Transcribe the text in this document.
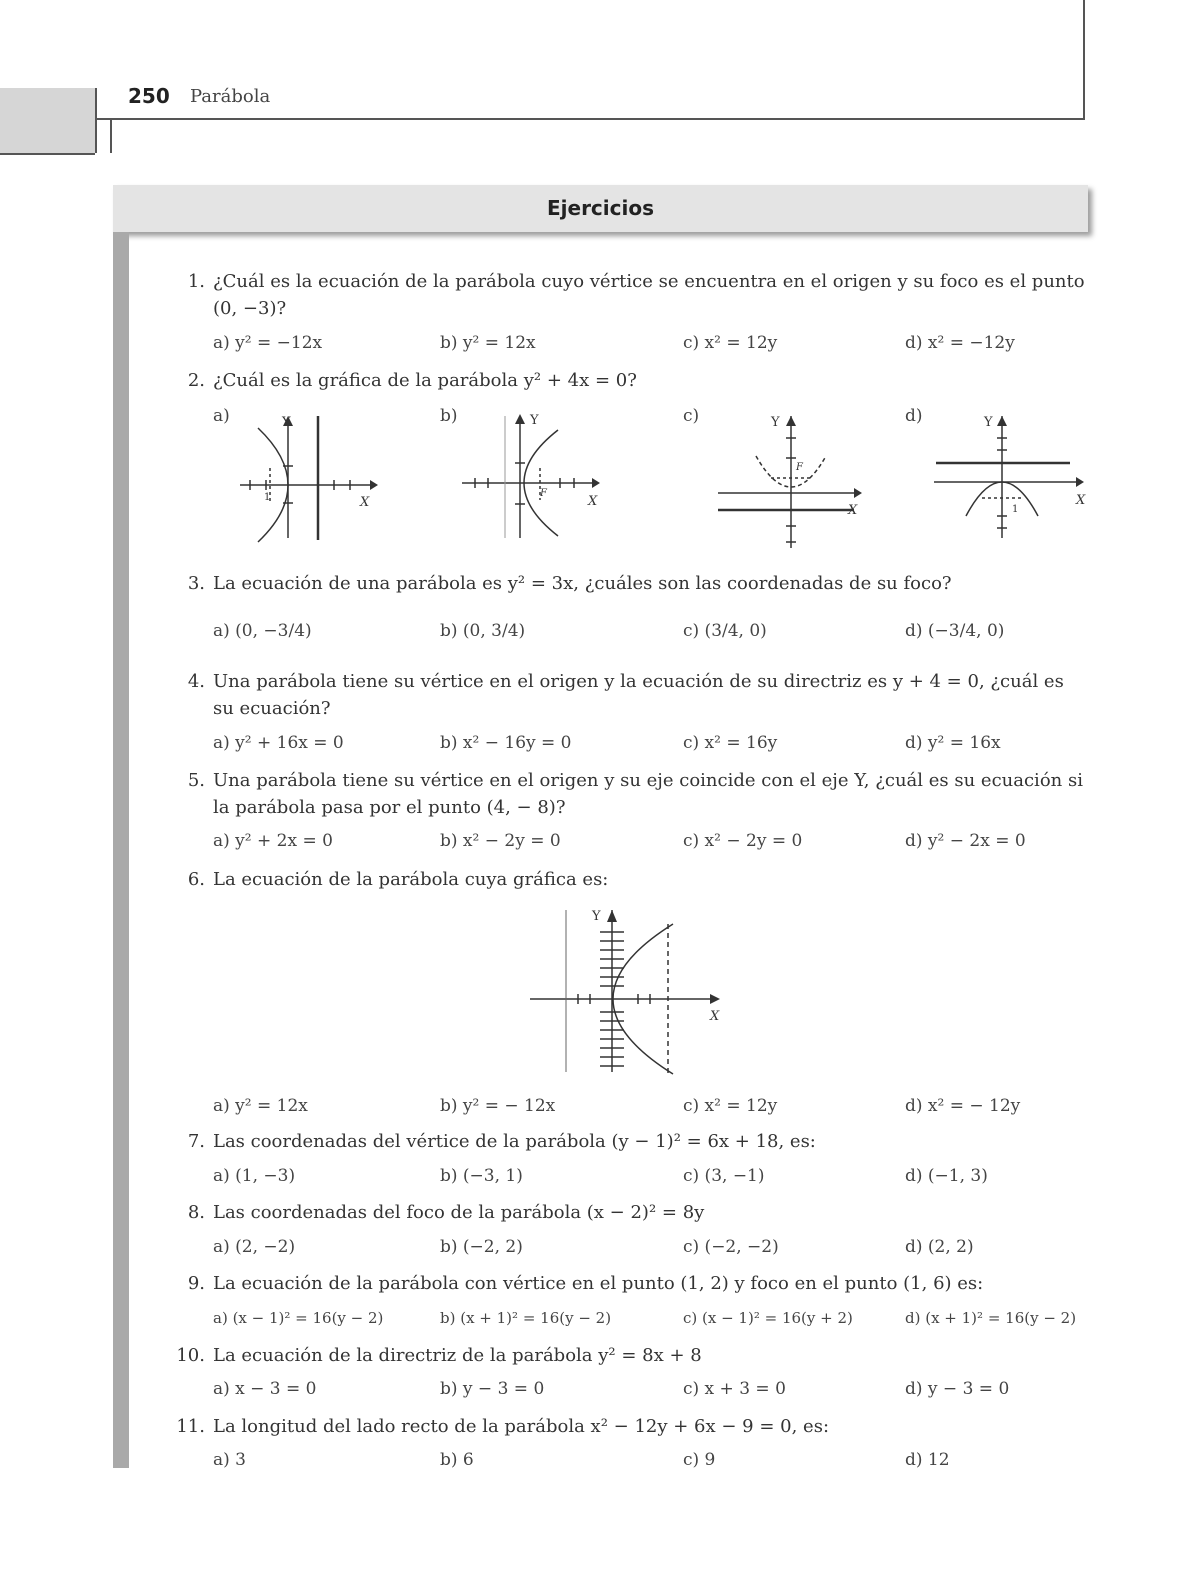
250 Parábola
Ejercicios
1. ¿Cuál es la ecuación de la parábola cuyo vértice se encuentra en el origen y su foco es el punto (0, −3)?
a) y² = −12x	b) y² = 12x	c) x² = 12y	d) x² = −12y
2. ¿Cuál es la gráfica de la parábola y² + 4x = 0?
a)	b)	c)	d)
Y
X
1
Y
X
F
Y
X
F
Y
X
1
3. La ecuación de una parábola es y² = 3x, ¿cuáles son las coordenadas de su foco?
a) (0, −3/4)	b) (0, 3/4)	c) (3/4, 0)	d) (−3/4, 0)
4. Una parábola tiene su vértice en el origen y la ecuación de su directriz es y + 4 = 0, ¿cuál es su ecuación?
a) y² + 16x = 0	b) x² − 16y = 0	c) x² = 16y	d) y² = 16x
5. Una parábola tiene su vértice en el origen y su eje coincide con el eje Y, ¿cuál es su ecuación si la parábola pasa por el punto (4, − 8)?
a) y² + 2x = 0	b) x² − 2y = 0	c) x² − 2y = 0	d) y² − 2x = 0
6. La ecuación de la parábola cuya gráfica es:
Y
X
a) y² = 12x	b) y² = − 12x	c) x² = 12y	d) x² = − 12y
7. Las coordenadas del vértice de la parábola (y − 1)² = 6x + 18, es:
a) (1, −3)	b) (−3, 1)	c) (3, −1)	d) (−1, 3)
8. Las coordenadas del foco de la parábola (x − 2)² = 8y
a) (2, −2)	b) (−2, 2)	c) (−2, −2)	d) (2, 2)
9. La ecuación de la parábola con vértice en el punto (1, 2) y foco en el punto (1, 6) es:
a) (x − 1)² = 16(y − 2)	b) (x + 1)² = 16(y − 2)	c) (x − 1)² = 16(y + 2)	d) (x + 1)² = 16(y − 2)
10. La ecuación de la directriz de la parábola y² = 8x + 8
a) x − 3 = 0	b) y − 3 = 0	c) x + 3 = 0	d) y − 3 = 0
11. La longitud del lado recto de la parábola x² − 12y + 6x − 9 = 0, es:
a) 3	b) 6	c) 9	d) 12
